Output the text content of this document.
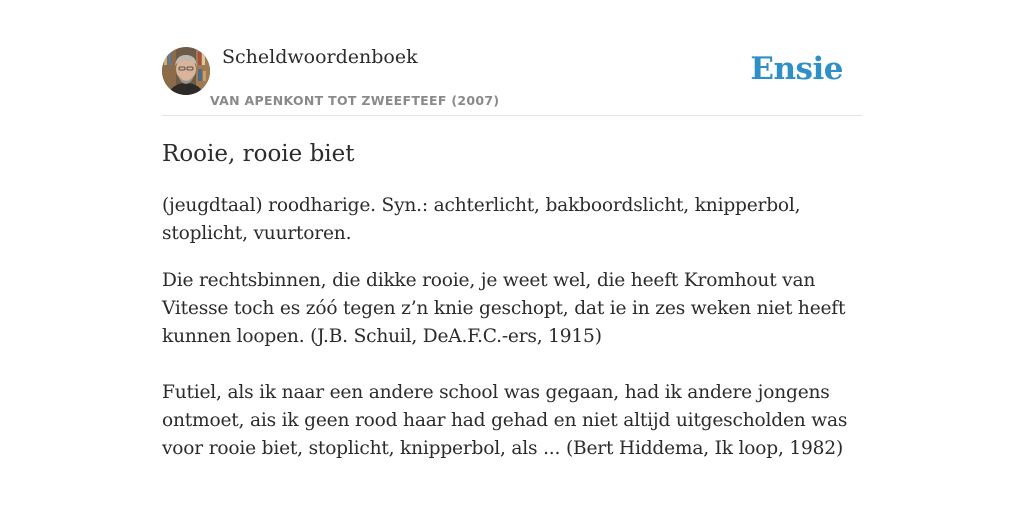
Scheldwoordenboek
VAN APENKONT TOT ZWEEFTEEF (2007)
Ensie
Rooie, rooie biet

(jeugdtaal) roodharige. Syn.: achterlicht, bakboordslicht, knipperbol, stoplicht, vuurtoren.

Die rechtsbinnen, die dikke rooie, je weet wel, die heeft Kromhout van Vitesse toch es zóó tegen z’n knie geschopt, dat ie in zes weken niet heeft kunnen loopen. (J.B. Schuil, DeA.F.C.-ers, 1915)

Futiel, als ik naar een andere school was gegaan, had ik andere jongens ontmoet, ais ik geen rood haar had gehad en niet altijd uitgescholden was voor rooie biet, stoplicht, knipperbol, als ... (Bert Hiddema, Ik loop, 1982)
